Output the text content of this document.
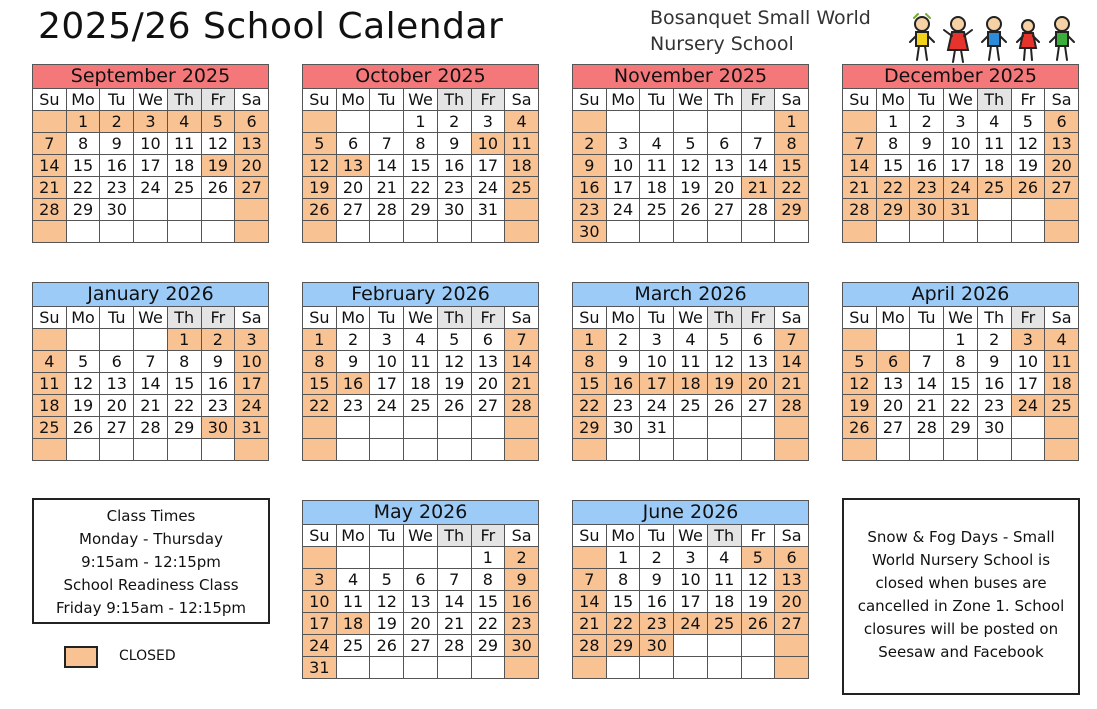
2025/26 School Calendar	Bosanquet Small World
Nursery School
September 2025
Su	Mo	Tu	We	Th	Fr	Sa
	1	2	3	4	5	6
7	8	9	10	11	12	13
14	15	16	17	18	19	20
21	22	23	24	25	26	27
28	29	30				

October 2025
Su	Mo	Tu	We	Th	Fr	Sa
			1	2	3	4
5	6	7	8	9	10	11
12	13	14	15	16	17	18
19	20	21	22	23	24	25
26	27	28	29	30	31	

November 2025
Su	Mo	Tu	We	Th	Fr	Sa
						1
2	3	4	5	6	7	8
9	10	11	12	13	14	15
16	17	18	19	20	21	22
23	24	25	26	27	28	29
30						
December 2025
Su	Mo	Tu	We	Th	Fr	Sa
	1	2	3	4	5	6
7	8	9	10	11	12	13
14	15	16	17	18	19	20
21	22	23	24	25	26	27
28	29	30	31			

January 2026
Su	Mo	Tu	We	Th	Fr	Sa
				1	2	3
4	5	6	7	8	9	10
11	12	13	14	15	16	17
18	19	20	21	22	23	24
25	26	27	28	29	30	31

February 2026
Su	Mo	Tu	We	Th	Fr	Sa
1	2	3	4	5	6	7
8	9	10	11	12	13	14
15	16	17	18	19	20	21
22	23	24	25	26	27	28

March 2026
Su	Mo	Tu	We	Th	Fr	Sa
1	2	3	4	5	6	7
8	9	10	11	12	13	14
15	16	17	18	19	20	21
22	23	24	25	26	27	28
29	30	31				

April 2026
Su	Mo	Tu	We	Th	Fr	Sa
			1	2	3	4
5	6	7	8	9	10	11
12	13	14	15	16	17	18
19	20	21	22	23	24	25
26	27	28	29	30		

May 2026
Su	Mo	Tu	We	Th	Fr	Sa
					1	2
3	4	5	6	7	8	9
10	11	12	13	14	15	16
17	18	19	20	21	22	23
24	25	26	27	28	29	30
31						
June 2026
Su	Mo	Tu	We	Th	Fr	Sa
	1	2	3	4	5	6
7	8	9	10	11	12	13
14	15	16	17	18	19	20
21	22	23	24	25	26	27
28	29	30				

Class Times
Monday - Thursday
9:15am - 12:15pm
School Readiness Class
Friday 9:15am - 12:15pm
CLOSED
Snow & Fog Days - Small
World Nursery School is
closed when buses are
cancelled in Zone 1. School
closures will be posted on
Seesaw and Facebook
